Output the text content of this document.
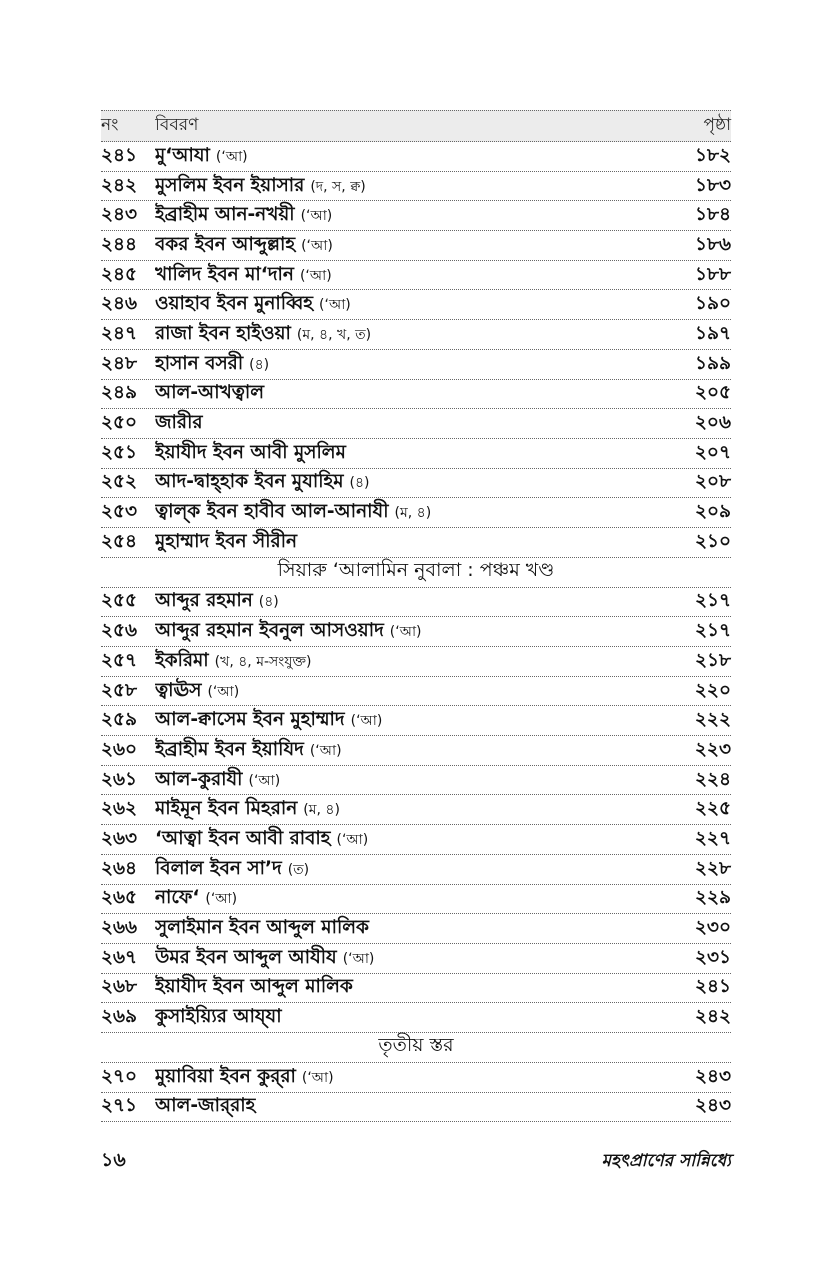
নং	বিবরণ	পৃষ্ঠা
২৪১ মু‘আযা (‘আ)	১৮২
২৪২ মুসলিম ইবন ইয়াসার (দ, স, ক্ব)	১৮৩
২৪৩ ইব্রাহীম আন-নখয়ী (‘আ)	১৮৪
২৪৪ বকর ইবন আব্দুল্লাহ (‘আ)	১৮৬
২৪৫ খালিদ ইবন মা‘দান (‘আ)	১৮৮
২৪৬ ওয়াহাব ইবন মুনাব্বিহ (‘আ)	১৯০
২৪৭ রাজা ইবন হাইওয়া (ম, ৪, খ, ত)	১৯৭
২৪৮ হাসান বসরী (৪)	১৯৯
২৪৯ আল-আখত্বাল	২০৫
২৫০ জারীর	২০৬
২৫১ ইয়াযীদ ইবন আবী মুসলিম	২০৭
২৫২ আদ-দ্বাহ্‌হাক ইবন মুযাহিম (৪)	২০৮
২৫৩ ত্বাল্‌ক ইবন হাবীব আল-আনাযী (ম, ৪)	২০৯
২৫৪ মুহাম্মাদ ইবন সীরীন	২১০
সিয়ারু ‘আলামিন নুবালা : পঞ্চম খণ্ড
২৫৫ আব্দুর রহমান (৪)	২১৭
২৫৬ আব্দুর রহমান ইবনুল আসওয়াদ (‘আ)	২১৭
২৫৭ ইকরিমা (খ, ৪, ম-সংযুক্ত)	২১৮
২৫৮ ত্বাঊস (‘আ)	২২০
২৫৯ আল-ক্বাসেম ইবন মুহাম্মাদ (‘আ)	২২২
২৬০ ইব্রাহীম ইবন ইয়াযিদ (‘আ)	২২৩
২৬১ আল-কুরাযী (‘আ)	২২৪
২৬২ মাইমূন ইবন মিহরান (ম, ৪)	২২৫
২৬৩ ‘আত্বা ইবন আবী রাবাহ (‘আ)	২২৭
২৬৪ বিলাল ইবন সা’দ (ত)	২২৮
২৬৫ নাফে‘ (‘আ)	২২৯
২৬৬ সুলাইমান ইবন আব্দুল মালিক	২৩০
২৬৭ উমর ইবন আব্দুল আযীয (‘আ)	২৩১
২৬৮ ইয়াযীদ ইবন আব্দুল মালিক	২৪১
২৬৯ কুসাইয়্যির আয্‌যা	২৪২
তৃতীয় স্তর
২৭০ মুয়াবিয়া ইবন কুর্‌রা (‘আ)	২৪৩
২৭১ আল-জার্‌রাহ	২৪৩
১৬	মহৎপ্রাণের সান্নিধ্যে
